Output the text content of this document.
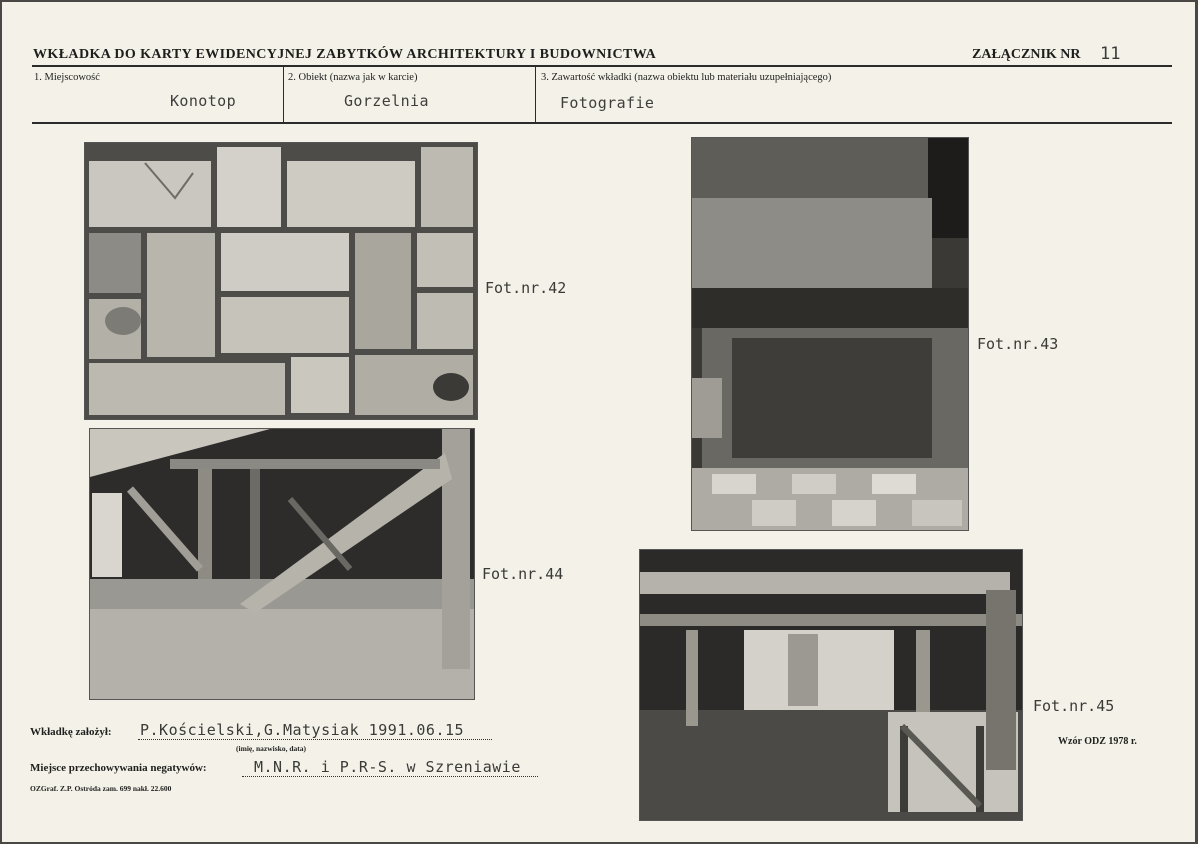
WKŁADKA DO KARTY EWIDENCYJNEJ ZABYTKÓW ARCHITEKTURY I BUDOWNICTWA	ZAŁĄCZNIK NR 11
1. Miejscowość
Konotop
2. Obiekt (nazwa jak w karcie)
Gorzelnia
3. Zawartość wkładki (nazwa obiektu lub materiału uzupełniającego)
Fotografie
Fot.nr.42
Fot.nr.43
Fot.nr.44
Fot.nr.45
Wkładkę założył: P.Kościelski,G.Matysiak 1991.06.15
(imię, nazwisko, data)
Miejsce przechowywania negatywów:	M.N.R. i P.R-S. w Szreniawie
OZGraf. Z.P. Ostróda zam. 699 nakł. 22.600
Wzór ODZ 1978 r.
